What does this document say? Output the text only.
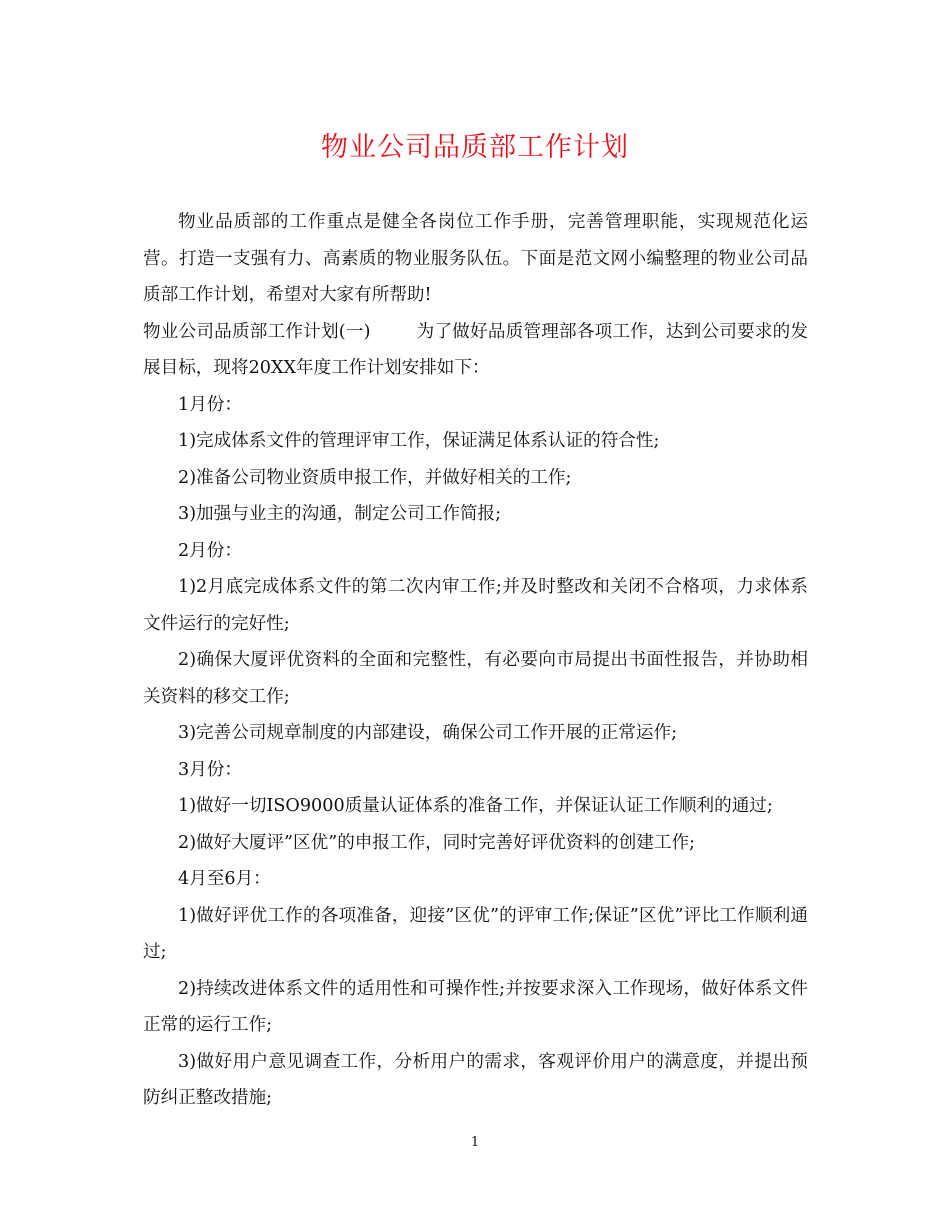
物业公司品质部工作计划

物业品质部的工作重点是健全各岗位工作手册，完善管理职能，实现规范化运营。打造一支强有力、高素质的物业服务队伍。下面是范文网小编整理的物业公司品质部工作计划，希望对大家有所帮助!

物业公司品质部工作计划(一)	为了做好品质管理部各项工作，达到公司要求的发展目标，现将20XX年度工作计划安排如下：

1月份：

1)完成体系文件的管理评审工作，保证满足体系认证的符合性;

2)准备公司物业资质申报工作，并做好相关的工作;

3)加强与业主的沟通，制定公司工作简报;

2月份：

1)2月底完成体系文件的第二次内审工作;并及时整改和关闭不合格项，力求体系文件运行的完好性;

2)确保大厦评优资料的全面和完整性，有必要向市局提出书面性报告，并协助相关资料的移交工作;

3)完善公司规章制度的内部建设，确保公司工作开展的正常运作;

3月份：

1)做好一切ISO9000质量认证体系的准备工作，并保证认证工作顺利的通过;

2)做好大厦评”区优”的申报工作，同时完善好评优资料的创建工作;

4月至6月：

1)做好评优工作的各项准备，迎接”区优”的评审工作;保证”区优”评比工作顺利通过;

2)持续改进体系文件的适用性和可操作性;并按要求深入工作现场，做好体系文件正常的运行工作;

3)做好用户意见调查工作，分析用户的需求，客观评价用户的满意度，并提出预防纠正整改措施;

1
